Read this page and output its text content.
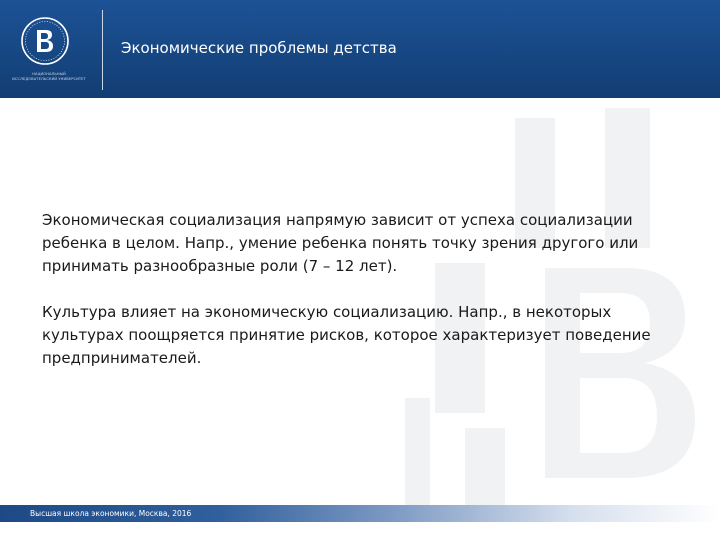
НАЦИОНАЛЬНЫЙ ИССЛЕДОВАТЕЛЬСКИЙ УНИВЕРСИТЕТ
Экономические проблемы детства

Экономическая социализация напрямую зависит от успеха социализации ребенка в целом. Напр., умение ребенка понять точку зрения другого или принимать разнообразные роли (7 – 12 лет).

Культура влияет на экономическую социализацию. Напр., в некоторых культурах поощряется принятие рисков, которое характеризует поведение предпринимателей.

Высшая школа экономики, Москва, 2016
